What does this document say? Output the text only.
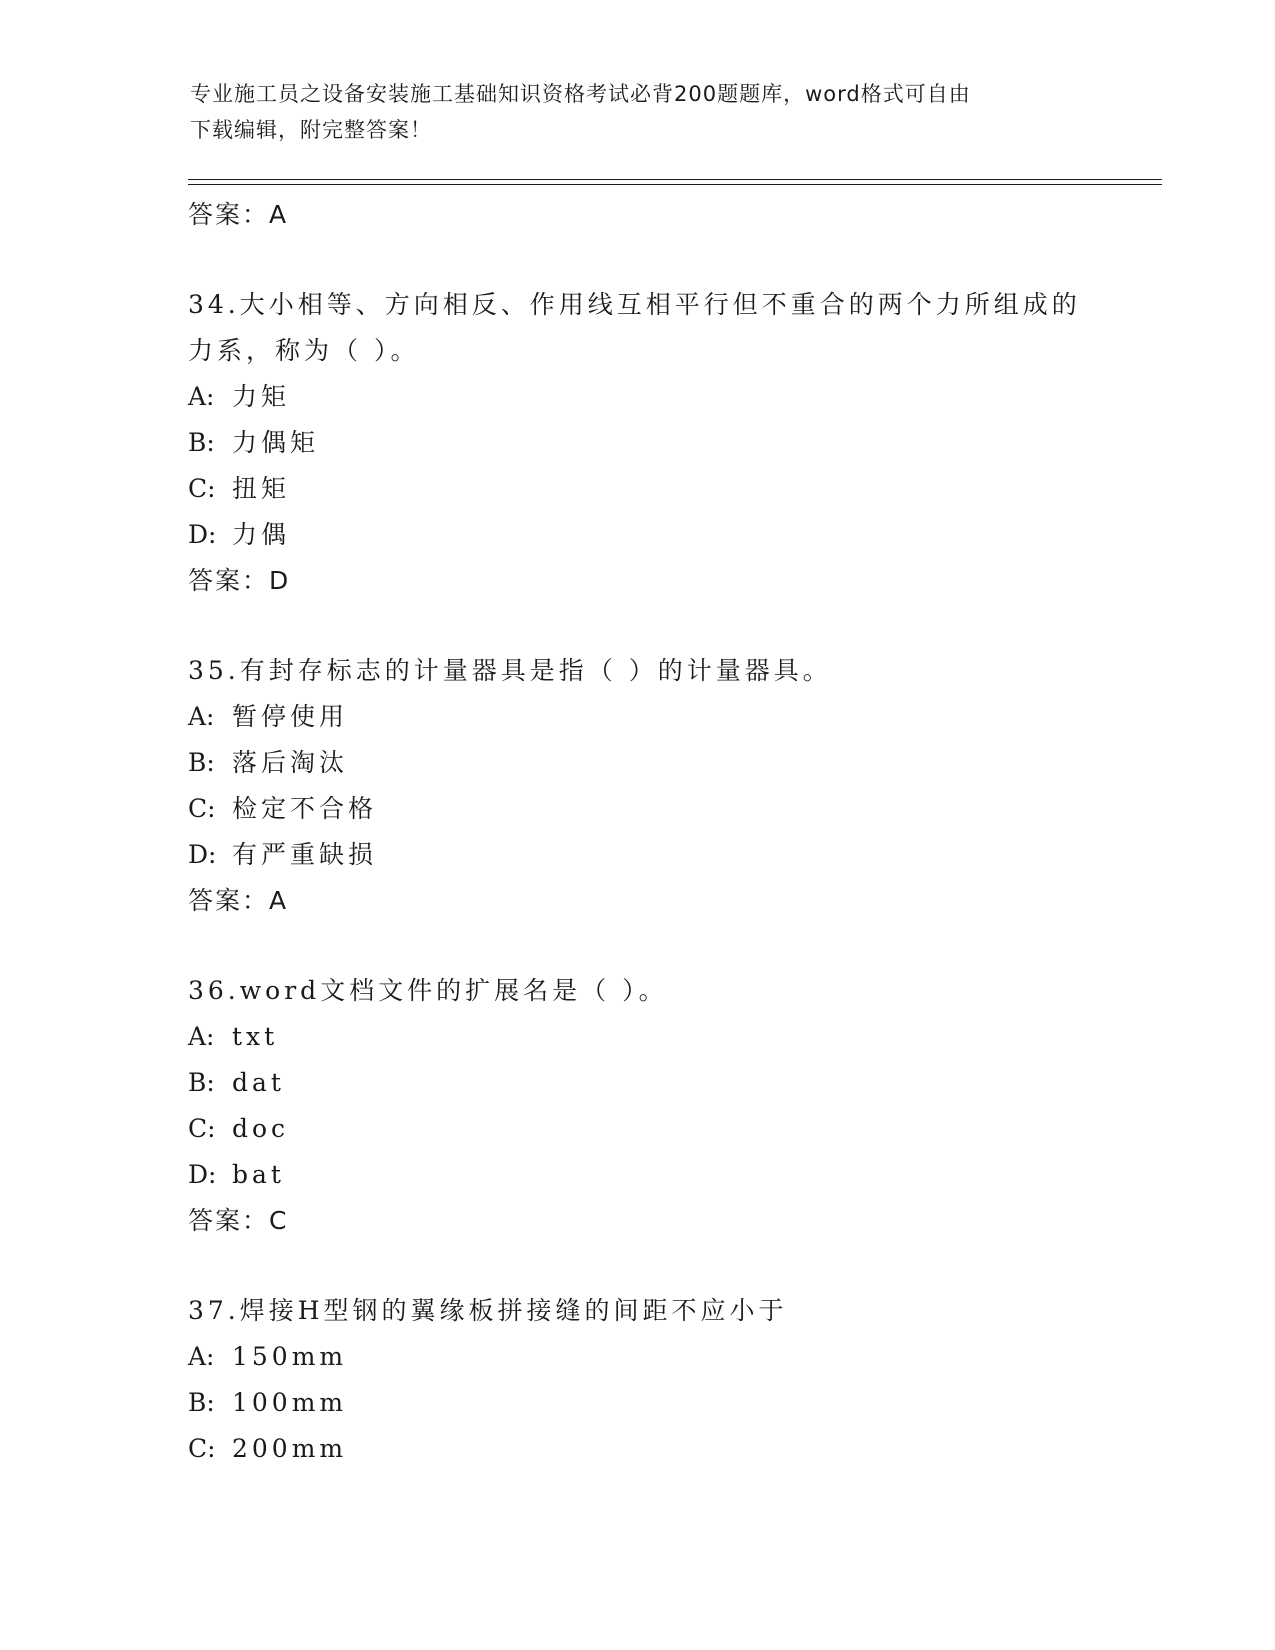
专业施工员之设备安装施工基础知识资格考试必背200题题库，word格式可自由
下载编辑，附完整答案！
答案：A
34.大小相等、方向相反、作用线互相平行但不重合的两个力所组成的
力系，称为（ ）。
A: 力矩
B: 力偶矩
C: 扭矩
D: 力偶
答案：D
35.有封存标志的计量器具是指（ ）的计量器具。
A: 暂停使用
B: 落后淘汰
C: 检定不合格
D: 有严重缺损
答案：A
36.word文档文件的扩展名是（ ）。
A: txt
B: dat
C: doc
D: bat
答案：C
37.焊接H型钢的翼缘板拼接缝的间距不应小于
A: 150mm
B: 100mm
C: 200mm
